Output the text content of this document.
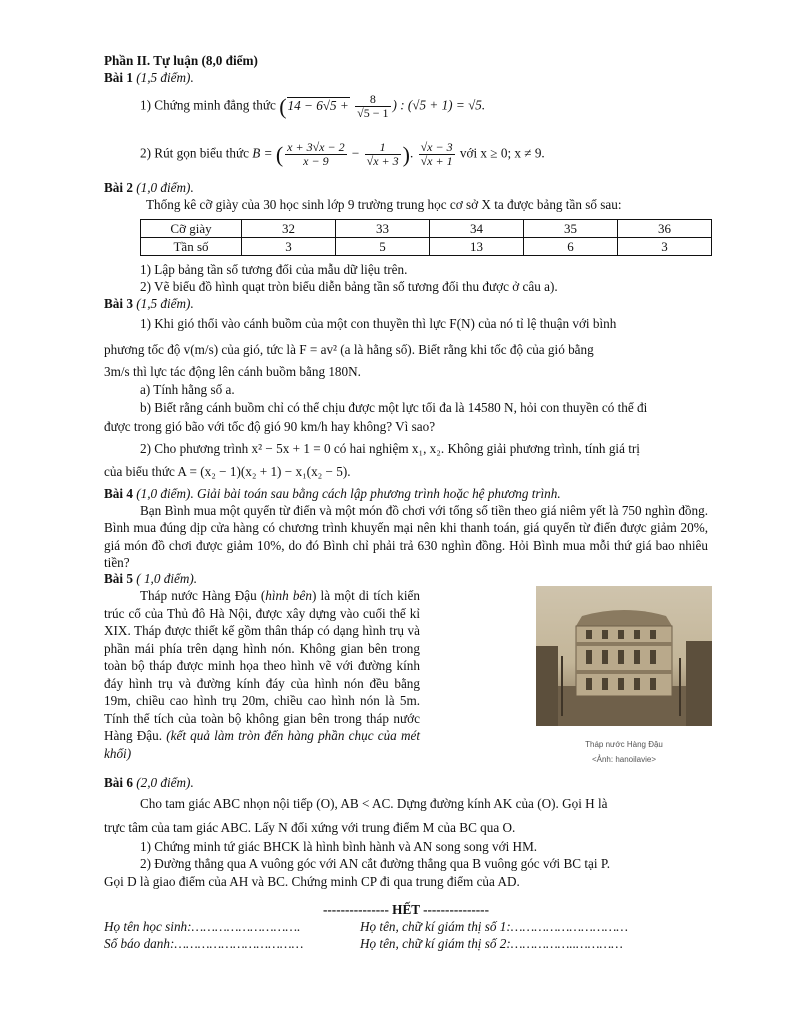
Phần II. Tự luận (8,0 điểm)
Bài 1 (1,5 điểm).
1) Chứng minh đẳng thức ($14 - 6√5 + \frac{8}{√5 - 1}$ ) : (√5 + 1) = √5.
2) Rút gọn biểu thức B = ( $\frac{x + 3√x - 2}{x - 9} - \frac{1}{√x + 3}$ ). $\frac{√x - 3}{√x + 1}$ với x ≥ 0; x ≠ 9.
Bài 2 (1,0 điểm).
Thống kê cỡ giày của 30 học sinh lớp 9 trường trung học cơ sở X ta được bảng tần số sau:
Cỡ giày	32	33	34	35	36
Tần số	3	5	13	6	3
1) Lập bảng tần số tương đối của mẫu dữ liệu trên.
2) Vẽ biểu đồ hình quạt tròn biểu diễn bảng tần số tương đối thu được ở câu a).
Bài 3 (1,5 điểm).
1) Khi gió thổi vào cánh buồm của một con thuyền thì lực F(N) của nó tỉ lệ thuận với bình
phương tốc độ v(m/s) của gió, tức là F = av² (a là hằng số). Biết rằng khi tốc độ của gió bằng
3m/s thì lực tác động lên cánh buồm bằng 180N.
a) Tính hằng số a.
b) Biết rằng cánh buồm chỉ có thể chịu được một lực tối đa là 14580 N, hỏi con thuyền có thể đi
được trong gió bão với tốc độ gió 90 km/h hay không? Vì sao?
2) Cho phương trình x² − 5x + 1 = 0 có hai nghiệm x₁, x₂. Không giải phương trình, tính giá trị
của biểu thức A = (x₂ − 1)(x₂ + 1) − x₁(x₂ − 5).
Bài 4 (1,0 điểm). Giải bài toán sau bằng cách lập phương trình hoặc hệ phương trình.
Bạn Bình mua một quyển từ điển và một món đồ chơi với tổng số tiền theo giá niêm yết là 750 nghìn đồng. Bình mua đúng dịp cửa hàng có chương trình khuyến mại nên khi thanh toán, giá quyển từ điển được giảm 20%, giá món đồ chơi được giảm 10%, do đó Bình chỉ phải trả 630 nghìn đồng. Hỏi Bình mua mỗi thứ giá bao nhiêu tiền?
Bài 5 ( 1,0 điểm).
Tháp nước Hàng Đậu (hình bên) là một di tích kiến trúc cổ của Thủ đô Hà Nội, được xây dựng vào cuối thế kỉ XIX. Tháp được thiết kế gồm thân tháp có dạng hình trụ và phần mái phía trên dạng hình nón. Không gian bên trong toàn bộ tháp được minh họa theo hình vẽ với đường kính đáy hình trụ và đường kính đáy của hình nón đều bằng 19m, chiều cao hình trụ 20m, chiều cao hình nón là 5m. Tính thể tích của toàn bộ không gian bên trong tháp nước Hàng Đậu. (kết quả làm tròn đến hàng phần chục của mét khối)
Tháp nước Hàng Đậu
<Ảnh: hanoilavie>
Bài 6 (2,0 điểm).
Cho tam giác ABC nhọn nội tiếp (O), AB < AC. Dựng đường kính AK của (O). Gọi H là
trực tâm của tam giác ABC. Lấy N đối xứng với trung điểm M của BC qua O.
1) Chứng minh tứ giác BHCK là hình bình hành và AN song song với HM.
2) Đường thẳng qua A vuông góc với AN cắt đường thẳng qua B vuông góc với BC tại P.
Gọi D là giao điểm của AH và BC. Chứng minh CP đi qua trung điểm của AD.
--------------- HẾT ---------------
Họ tên học sinh:……………………….	Họ tên, chữ kí giám thị số 1:…………………………
Số báo danh:……………………………	Họ tên, chữ kí giám thị số 2:……………..…………
